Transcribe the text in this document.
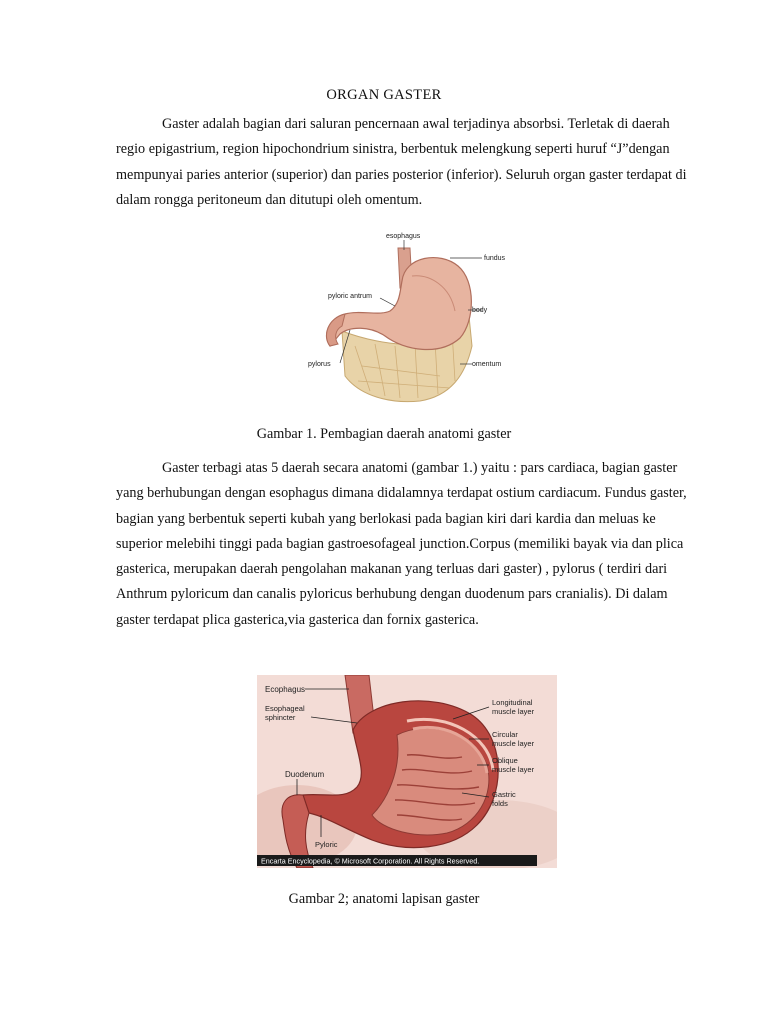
ORGAN GASTER

Gaster adalah bagian dari saluran pencernaan awal terjadinya absorbsi. Terletak di daerah regio epigastrium, region hipochondrium sinistra, berbentuk melengkung seperti huruf “J”dengan mempunyai paries anterior (superior) dan paries posterior (inferior). Seluruh organ gaster terdapat di dalam rongga peritoneum dan ditutupi oleh omentum.

esophagus
fundus
pyloric antrum
body
pylorus	omentum
Gambar 1. Pembagian daerah anatomi gaster

Gaster terbagi atas 5 daerah secara anatomi (gambar 1.) yaitu : pars cardiaca, bagian gaster yang berhubungan dengan esophagus dimana didalamnya terdapat ostium cardiacum. Fundus gaster, bagian yang berbentuk seperti kubah yang berlokasi pada bagian kiri dari kardia dan meluas ke superior melebihi tinggi pada bagian gastroesofageal junction.Corpus (memiliki bayak via dan plica gasterica, merupakan daerah pengolahan makanan yang terluas dari gaster) , pylorus ( terdiri dari Anthrum pyloricum dan canalis pyloricus berhubung dengan duodenum pars cranialis). Di dalam gaster terdapat plica gasterica,via gasterica dan fornix gasterica.

Ecophagus
Esophageal
sphincter
Duodenum
Pyloric
Longitudinal
muscle layer
Circular
muscle layer
Oblique
muscle layer
Gastric
folds
Encarta Encyclopedia, © Microsoft Corporation. All Rights Reserved.
Gambar 2; anatomi lapisan gaster
